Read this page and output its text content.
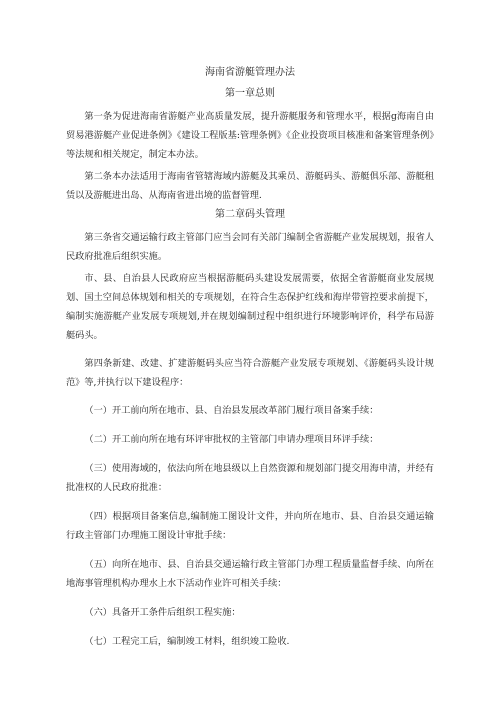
海南省游艇管理办法
第一章总则

第一条为促进海南省游艇产业高质量发展，提升游艇服务和管理水平，根据g海南自由贸易港游艇产业促进条例》《建设工程版基:管理条例》《企业投资项目核准和备案管理条例》等法规和相关规定，制定本办法。

第二条本办法适用于海南省管辖海域内游艇及其乘员、游艇码头、游艇俱乐部、游艇租赁以及游艇进出岛、从海南省进出境的监督管理.

第二章码头管理

第三条省交通运输行政主管部门应当会同有关部门编制全省游艇产业发展规划，报省人民政府批准后组织实施。

市、县、自治县人民政府应当根据游艇码头建设发展需要，依据全省游艇商业发展规划、国土空间总体规划和相关的专项规划，在符合生态保护红线和海岸带管控要求前提下，编制实施游艇产业发展专项规划,并在规划编制过程中组织进行环境影响评价，科学布局游艇码头。

第四条新建、改建、扩建游艇码头应当符合游艇产业发展专项规划、《游艇码头设计规范》等,并执行以下建设程序：

（一）开工前向所在地市、县、自治县发展改革部门履行项目备案手续：

（二）开工前向所在地有环评审批权的主管部门申请办理项目环评手续：

（三）使用海域的，依法向所在地县级以上自然资源和规划部门提交用海申清，并经有批准权的人民政府批准：

（四）根据项目备案信息,编制施工图设计文件，并向所在地市、县、自治县交通运输行政主管部门办理施工图设计审批手续：

（五）向所在地市、县、自治县交通运输行政主管部门办理工程质量监督手续、向所在地海事管理机构办理水上水下活动作业许可相关手续：

（六）具备开工条件后组织工程实施：

（七）工程完工后，编制竣工材料，组织竣工险收.
